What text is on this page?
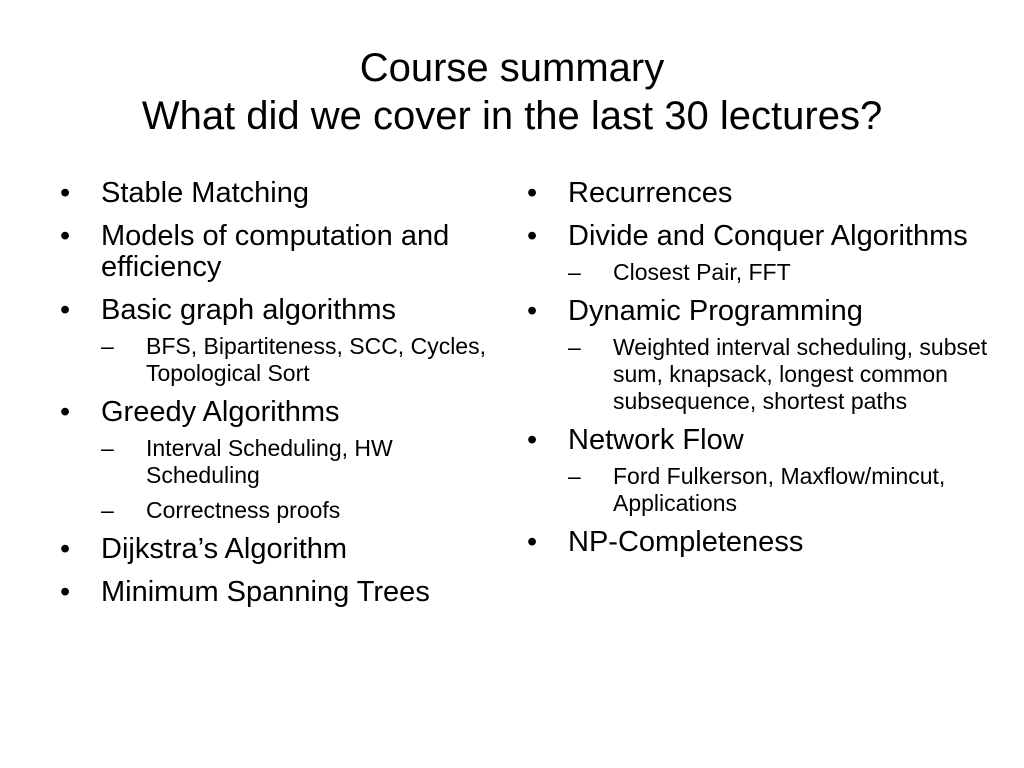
Course summary
What did we cover in the last 30 lectures?
• Stable Matching
• Models of computation and efficiency
• Basic graph algorithms
– BFS, Bipartiteness, SCC, Cycles, Topological Sort
• Greedy Algorithms
– Interval Scheduling, HW Scheduling
– Correctness proofs
• Dijkstra’s Algorithm
• Minimum Spanning Trees
• Recurrences
• Divide and Conquer Algorithms
– Closest Pair, FFT
• Dynamic Programming
– Weighted interval scheduling, subset sum, knapsack, longest common subsequence, shortest paths
• Network Flow
– Ford Fulkerson, Maxflow/mincut, Applications
• NP-Completeness
